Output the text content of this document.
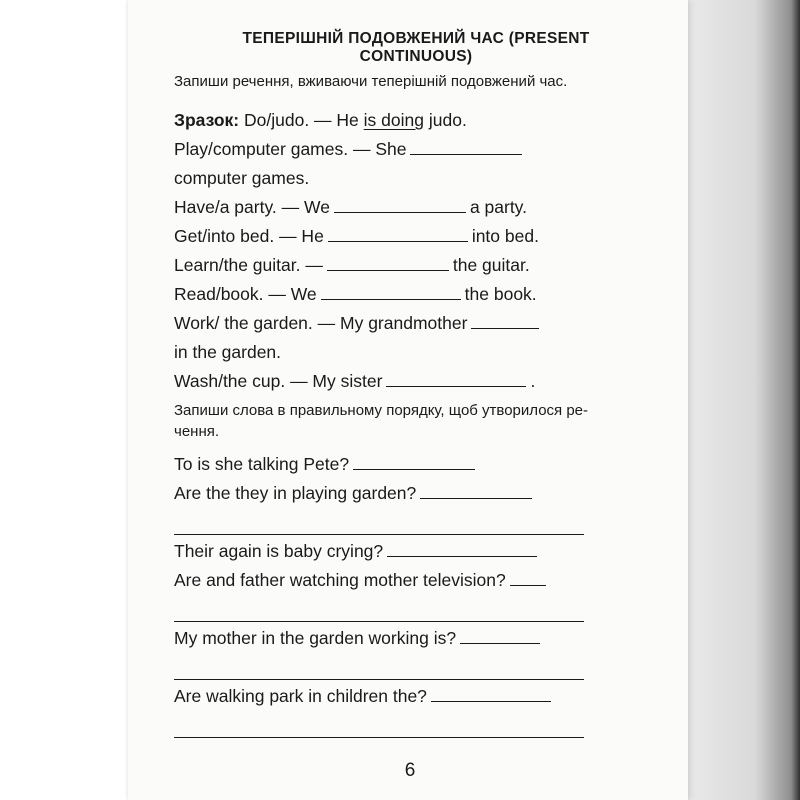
ТЕПЕРІШНІЙ ПОДОВЖЕНИЙ ЧАС (PRESENT CONTINUOUS)

Запиши речення, вживаючи теперішній подовжений час.

Зразок: Do/judo. — He is doing judo.
Play/computer games. — She
computer games.
Have/a party. — We	a party.
Get/into bed. — He	into bed.
Learn/the guitar. —	the guitar.
Read/book. — We	the book.
Work/ the garden. — My grandmother
in the garden.
Wash/the cup. — My sister	.

Запиши слова в правильному порядку, щоб утворилося ре-
чення.

To is she talking Pete?
Are the they in playing garden?
Their again is baby crying?
Are and father watching mother television?
My mother in the garden working is?
Are walking park in children the?
6
